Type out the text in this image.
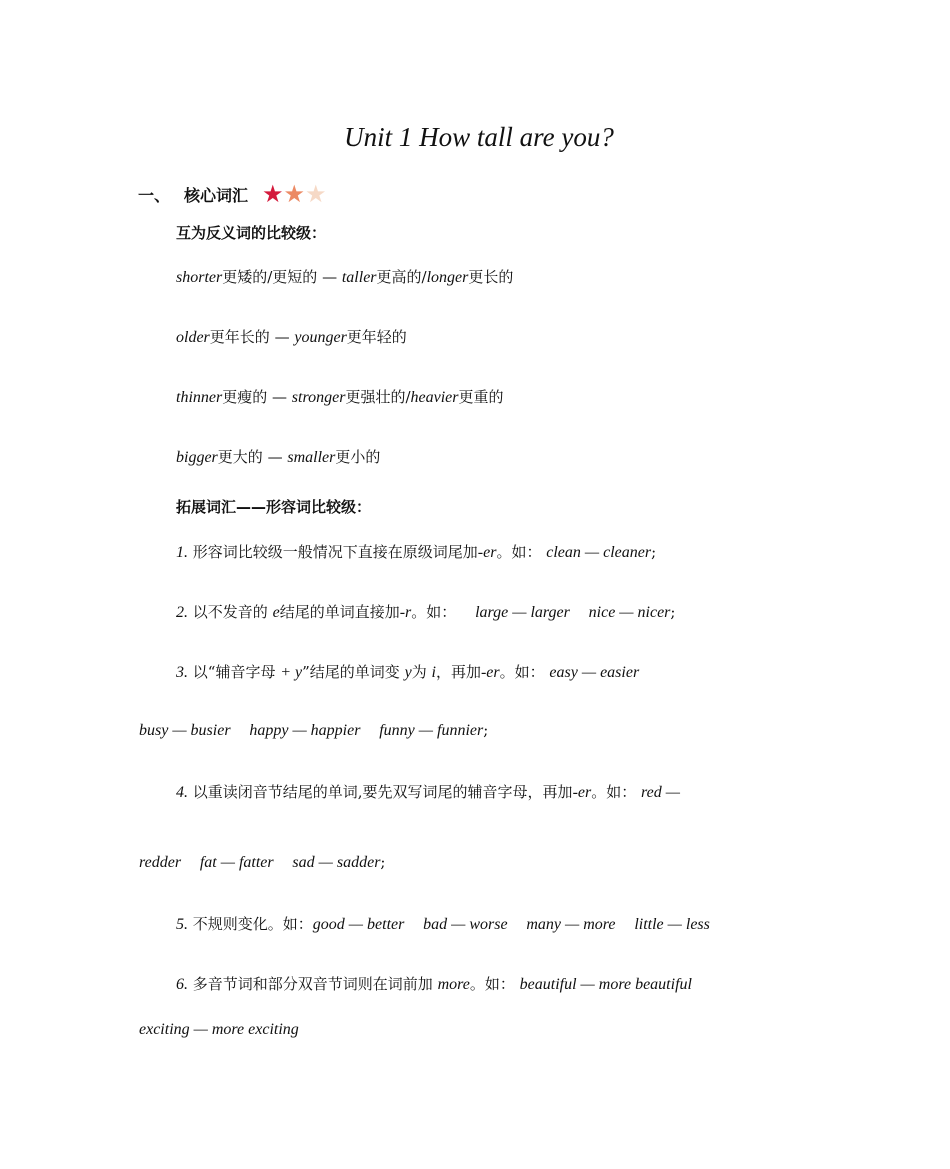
Unit 1 How tall are you?
一、 核心词汇 ★ ★ ★
互为反义词的比较级：
shorter更矮的/更短的 — taller更高的/longer更长的
older更年长的 — younger更年轻的
thinner更瘦的 — stronger更强壮的/heavier更重的
bigger更大的 — smaller更小的
拓展词汇——形容词比较级：
1. 形容词比较级一般情况下直接在原级词尾加-er。如： clean — cleaner;
2. 以不发音的 e结尾的单词直接加-r。如： large — larger nice — nicer;
3. 以“辅音字母 + y”结尾的单词变 y为 i，再加-er。如： easy — easier
busy — busier happy — happier funny — funnier;
4. 以重读闭音节结尾的单词,要先双写词尾的辅音字母，再加-er。如： red —
redder fat — fatter sad — sadder;
5. 不规则变化。如：good — better bad — worse many — more little — less
6. 多音节词和部分双音节词则在词前加 more。如： beautiful — more beautiful
exciting — more exciting
